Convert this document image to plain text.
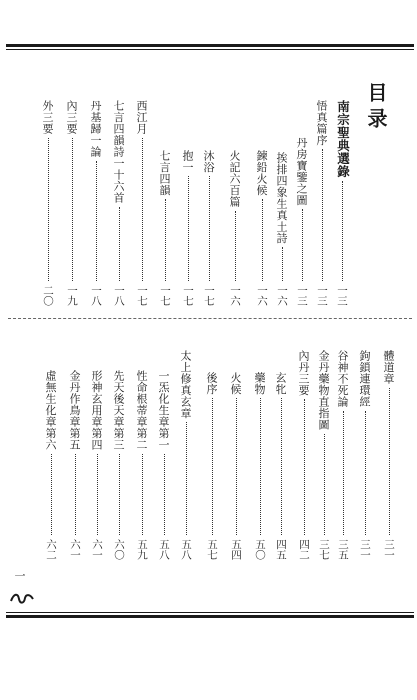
目录
南宗聖典選錄
一三
悟真篇序
一三
丹房寶鑒之圖
一三
挨排四象生真土詩
一六
鍊鉛火候
一六
火記六百篇
一六
沐浴
一七
抱一
一七
七言四韻
一七
西江月
一七
七言四韻詩一十六首
一八
丹基歸一論
一八
內三要
一九
外三要
二〇
體道章
三一
鉤鎖連環經
三一
谷神不死論
三五
金丹藥物直指圖
三七
內丹三要
四二
玄牝
四五
藥物
五〇
火候
五四
後序
五七
太上修真玄章
五八
一炁化生章第一
五八
性命根蒂章第二
五九
先天後天章第三
六〇
形神玄用章第四
六一
金丹作鳥章第五
六一
虛無生化章第六
六二
一
